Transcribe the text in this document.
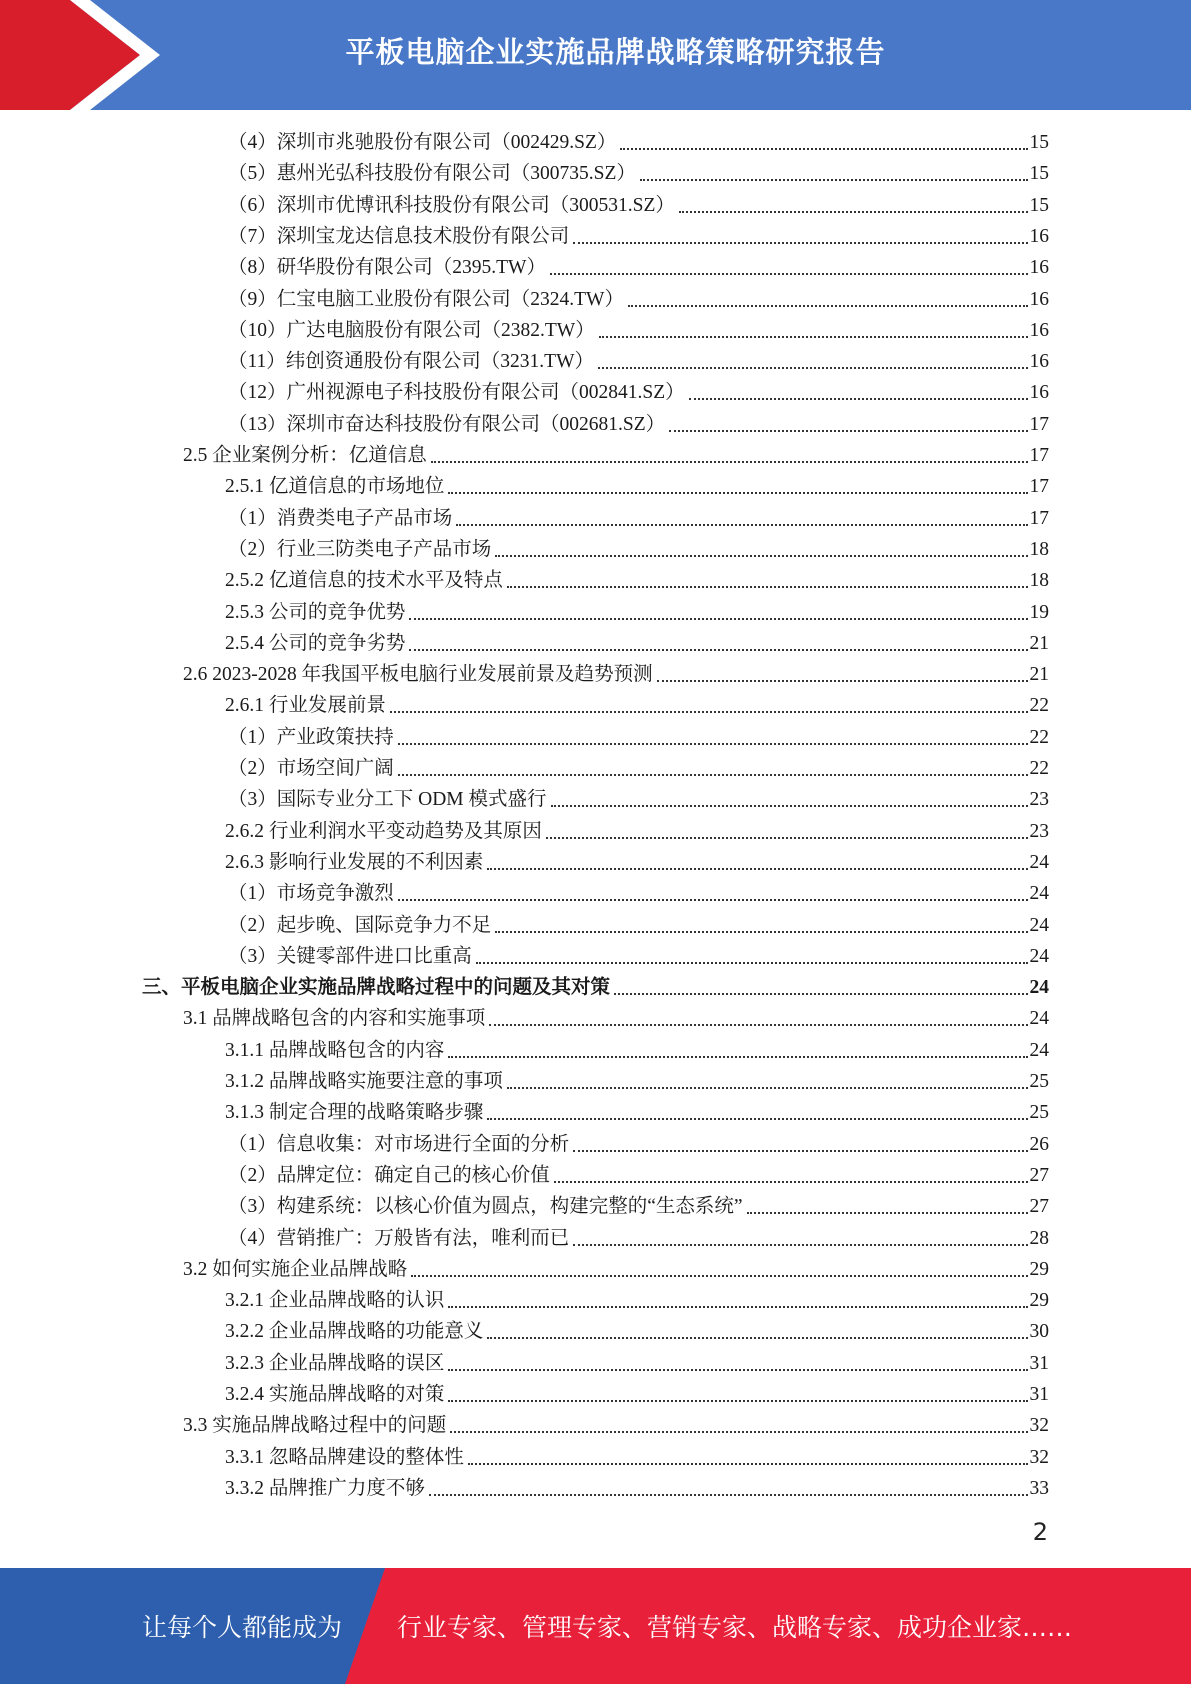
平板电脑企业实施品牌战略策略研究报告
（4）深圳市兆驰股份有限公司（002429.SZ）	15
（5）惠州光弘科技股份有限公司（300735.SZ）	15
（6）深圳市优博讯科技股份有限公司（300531.SZ）	15
（7）深圳宝龙达信息技术股份有限公司	16
（8）研华股份有限公司（2395.TW）	16
（9）仁宝电脑工业股份有限公司（2324.TW）	16
（10）广达电脑股份有限公司（2382.TW）	16
（11）纬创资通股份有限公司（3231.TW）	16
（12）广州视源电子科技股份有限公司（002841.SZ）	16
（13）深圳市奋达科技股份有限公司（002681.SZ）	17
2.5 企业案例分析：亿道信息	17
2.5.1 亿道信息的市场地位	17
（1）消费类电子产品市场	17
（2）行业三防类电子产品市场	18
2.5.2 亿道信息的技术水平及特点	18
2.5.3 公司的竞争优势	19
2.5.4 公司的竞争劣势	21
2.6 2023-2028 年我国平板电脑行业发展前景及趋势预测	21
2.6.1 行业发展前景	22
（1）产业政策扶持	22
（2）市场空间广阔	22
（3）国际专业分工下 ODM 模式盛行	23
2.6.2 行业利润水平变动趋势及其原因	23
2.6.3 影响行业发展的不利因素	24
（1）市场竞争激烈	24
（2）起步晚、国际竞争力不足	24
（3）关键零部件进口比重高	24
三、平板电脑企业实施品牌战略过程中的问题及其对策	24
3.1 品牌战略包含的内容和实施事项	24
3.1.1 品牌战略包含的内容	24
3.1.2 品牌战略实施要注意的事项	25
3.1.3 制定合理的战略策略步骤	25
（1）信息收集：对市场进行全面的分析	26
（2）品牌定位：确定自己的核心价值	27
（3）构建系统：以核心价值为圆点，构建完整的“生态系统”	27
（4）营销推广：万般皆有法，唯利而已	28
3.2 如何实施企业品牌战略	29
3.2.1 企业品牌战略的认识	29
3.2.2 企业品牌战略的功能意义	30
3.2.3 企业品牌战略的误区	31
3.2.4 实施品牌战略的对策	31
3.3 实施品牌战略过程中的问题	32
3.3.1 忽略品牌建设的整体性	32
3.3.2 品牌推广力度不够	33
2
让每个人都能成为 行业专家、管理专家、营销专家、战略专家、成功企业家……
